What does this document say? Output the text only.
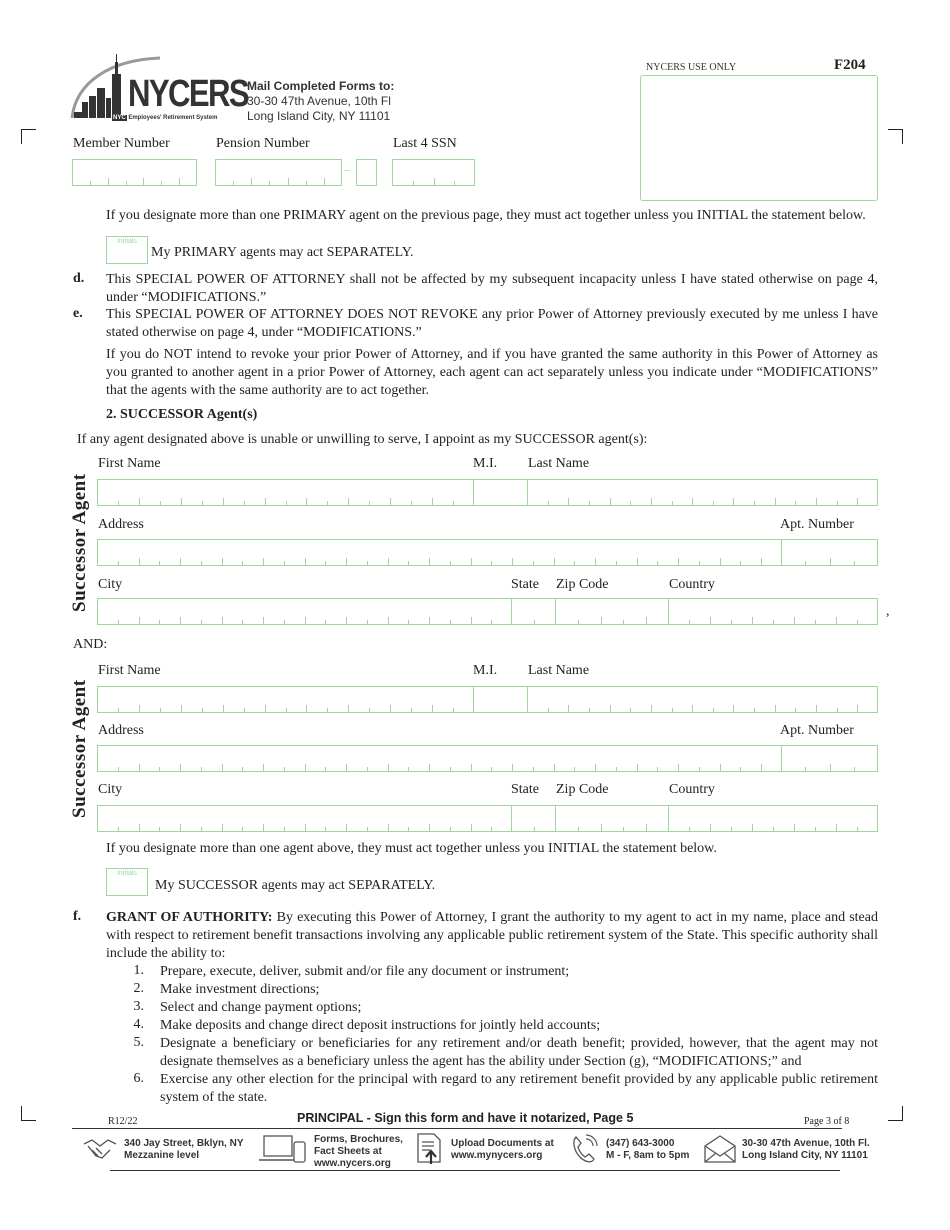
NYCERS
NYC Employees' Retirement System
Mail Completed Forms to:
30-30 47th Avenue, 10th Fl
Long Island City, NY 11101
NYCERS USE ONLY	F204
Member Number	Pension Number	Last 4 SSN
–
If you designate more than one PRIMARY agent on the previous page, they must act together unless you INITIAL the statement below.
Initials
My PRIMARY agents may act SEPARATELY.
d. This SPECIAL POWER OF ATTORNEY shall not be affected by my subsequent incapacity unless I have stated otherwise on page 4, under “MODIFICATIONS.”
e. This SPECIAL POWER OF ATTORNEY DOES NOT REVOKE any prior Power of Attorney previously executed by me unless I have stated otherwise on page 4, under “MODIFICATIONS.”
If you do NOT intend to revoke your prior Power of Attorney, and if you have granted the same authority in this Power of Attorney as you granted to another agent in a prior Power of Attorney, each agent can act separately unless you indicate under “MODIFICATIONS” that the agents with the same authority are to act together.
2. SUCCESSOR Agent(s)
If any agent designated above is unable or unwilling to serve, I appoint as my SUCCESSOR agent(s):
Successor Agent
First Name	M.I. Last Name
Address	Apt. Number
City	State Zip Code	Country
,
AND:
Successor Agent
First Name	M.I. Last Name
Address	Apt. Number
City	State Zip Code	Country
If you designate more than one agent above, they must act together unless you INITIAL the statement below.
Initials
My SUCCESSOR agents may act SEPARATELY.
f. GRANT OF AUTHORITY: By executing this Power of Attorney, I grant the authority to my agent to act in my name, place and stead with respect to retirement benefit transactions involving any applicable public retirement system of the State. This specific authority shall include the ability to:
1. Prepare, execute, deliver, submit and/or file any document or instrument;
2. Make investment directions;
3. Select and change payment options;
4. Make deposits and change direct deposit instructions for jointly held accounts;
5. Designate a beneficiary or beneficiaries for any retirement and/or death benefit; provided, however, that the agent may not designate themselves as a beneficiary unless the agent has the ability under Section (g), “MODIFICATIONS;” and
6. Exercise any other election for the principal with regard to any retirement benefit provided by any applicable public retirement system of the state.
R12/22	PRINCIPAL - Sign this form and have it notarized, Page 5	Page 3 of 8
340 Jay Street, Bklyn, NY
Mezzanine level
Forms, Brochures,
Fact Sheets at
www.nycers.org
Upload Documents at
www.mynycers.org
(347) 643-3000
M - F, 8am to 5pm
30-30 47th Avenue, 10th Fl.
Long Island City, NY 11101
